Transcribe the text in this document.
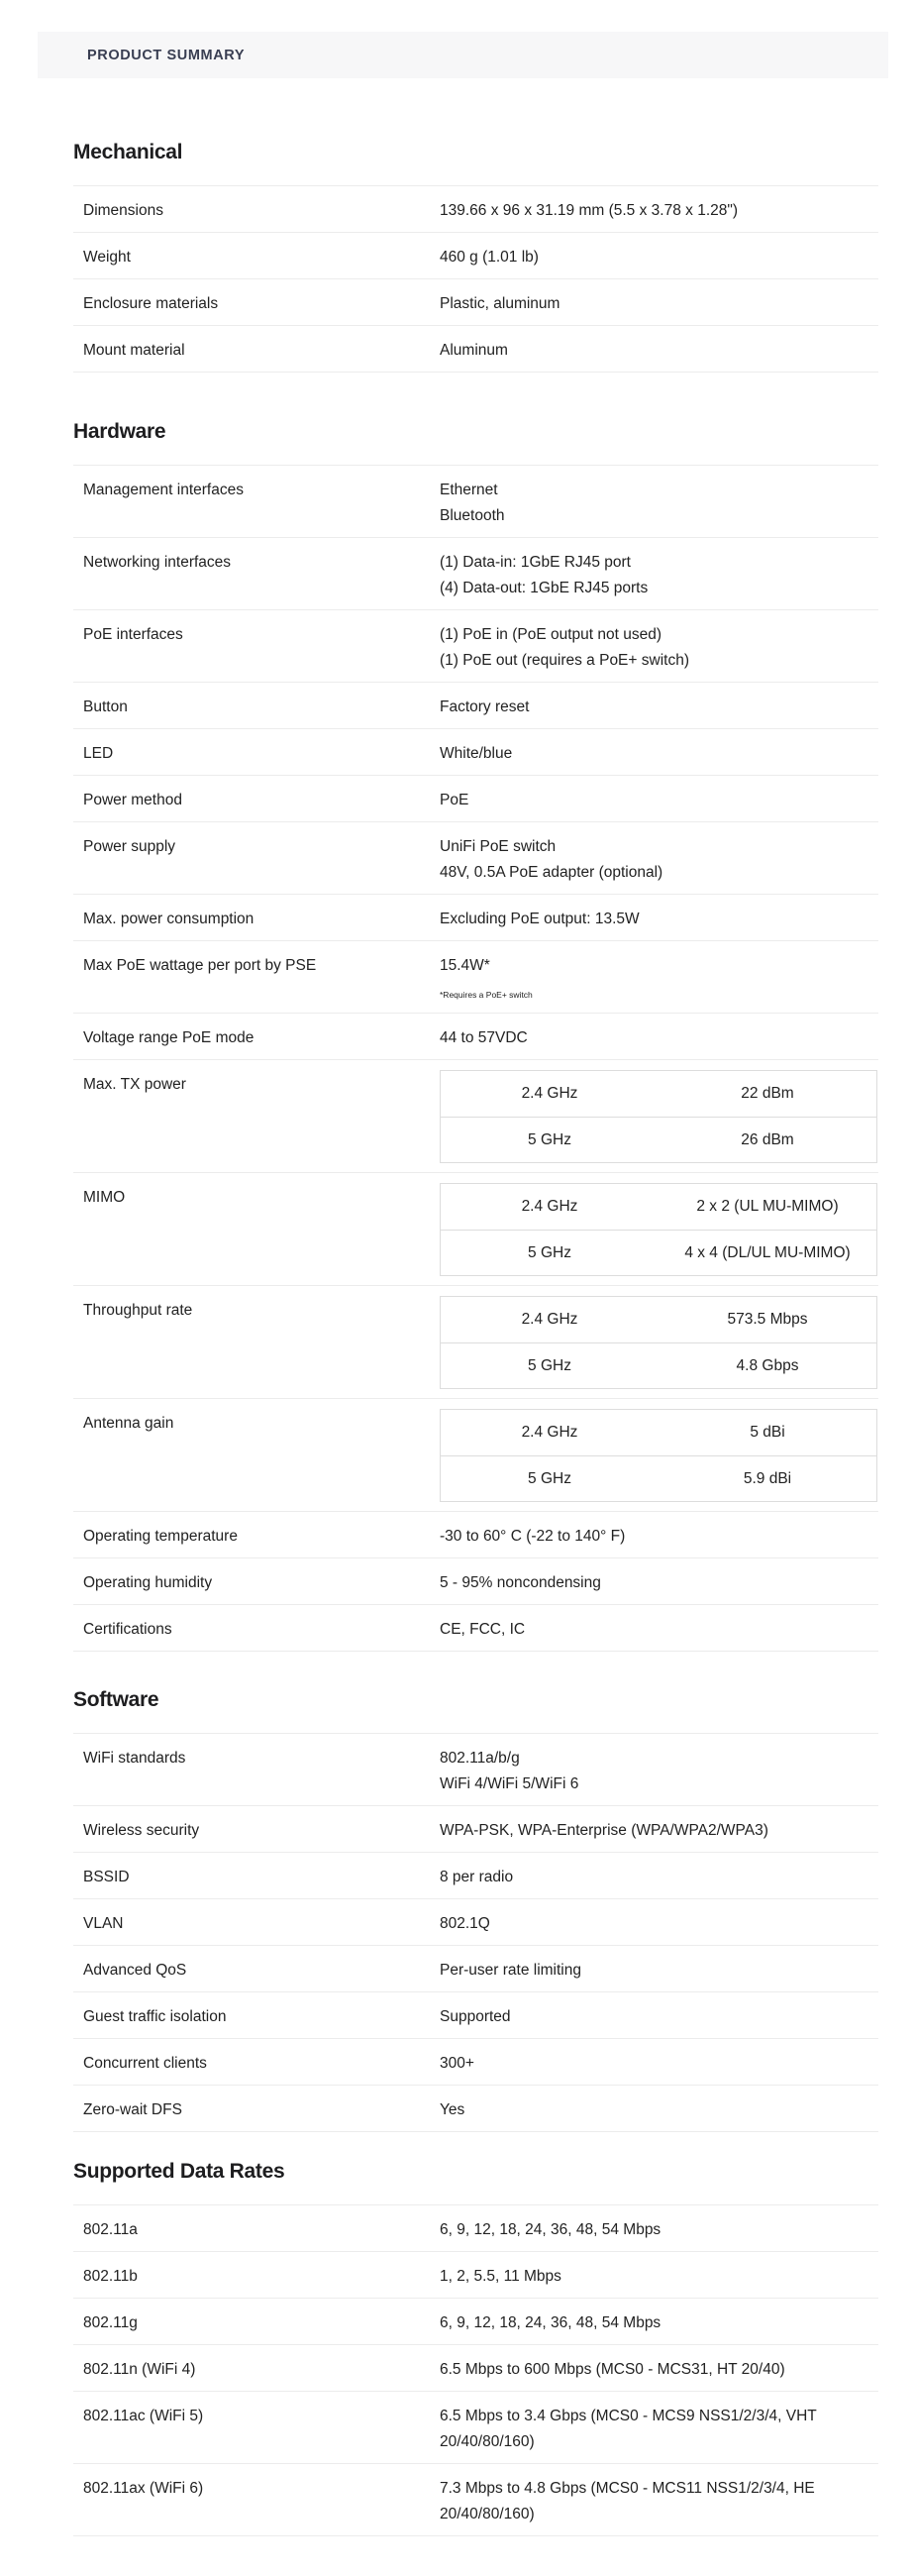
PRODUCT SUMMARY
Mechanical
Dimensions	139.66 x 96 x 31.19 mm (5.5 x 3.78 x 1.28")
Weight	460 g (1.01 lb)
Enclosure materials	Plastic, aluminum
Mount material	Aluminum
Hardware
Management interfaces	Ethernet
Bluetooth
Networking interfaces	(1) Data-in: 1GbE RJ45 port
(4) Data-out: 1GbE RJ45 ports
PoE interfaces	(1) PoE in (PoE output not used)
(1) PoE out (requires a PoE+ switch)
Button	Factory reset
LED	White/blue
Power method	PoE
Power supply	UniFi PoE switch
48V, 0.5A PoE adapter (optional)
Max. power consumption	Excluding PoE output: 13.5W
Max PoE wattage per port by PSE	15.4W*
*Requires a PoE+ switch
Voltage range PoE mode	44 to 57VDC
Max. TX power
2.4 GHz	22 dBm
5 GHz	26 dBm
MIMO
2.4 GHz	2 x 2 (UL MU-MIMO)
5 GHz	4 x 4 (DL/UL MU-MIMO)
Throughput rate
2.4 GHz	573.5 Mbps
5 GHz	4.8 Gbps
Antenna gain
2.4 GHz	5 dBi
5 GHz	5.9 dBi
Operating temperature	-30 to 60° C (-22 to 140° F)
Operating humidity	5 - 95% noncondensing
Certifications	CE, FCC, IC
Software
WiFi standards	802.11a/b/g
WiFi 4/WiFi 5/WiFi 6
Wireless security	WPA-PSK, WPA-Enterprise (WPA/WPA2/WPA3)
BSSID	8 per radio
VLAN	802.1Q
Advanced QoS	Per-user rate limiting
Guest traffic isolation	Supported
Concurrent clients	300+
Zero-wait DFS	Yes
Supported Data Rates
802.11a	6, 9, 12, 18, 24, 36, 48, 54 Mbps
802.11b	1, 2, 5.5, 11 Mbps
802.11g	6, 9, 12, 18, 24, 36, 48, 54 Mbps
802.11n (WiFi 4)	6.5 Mbps to 600 Mbps (MCS0 - MCS31, HT 20/40)
802.11ac (WiFi 5)	6.5 Mbps to 3.4 Gbps (MCS0 - MCS9 NSS1/2/3/4, VHT
20/40/80/160)
802.11ax (WiFi 6)	7.3 Mbps to 4.8 Gbps (MCS0 - MCS11 NSS1/2/3/4, HE
20/40/80/160)
